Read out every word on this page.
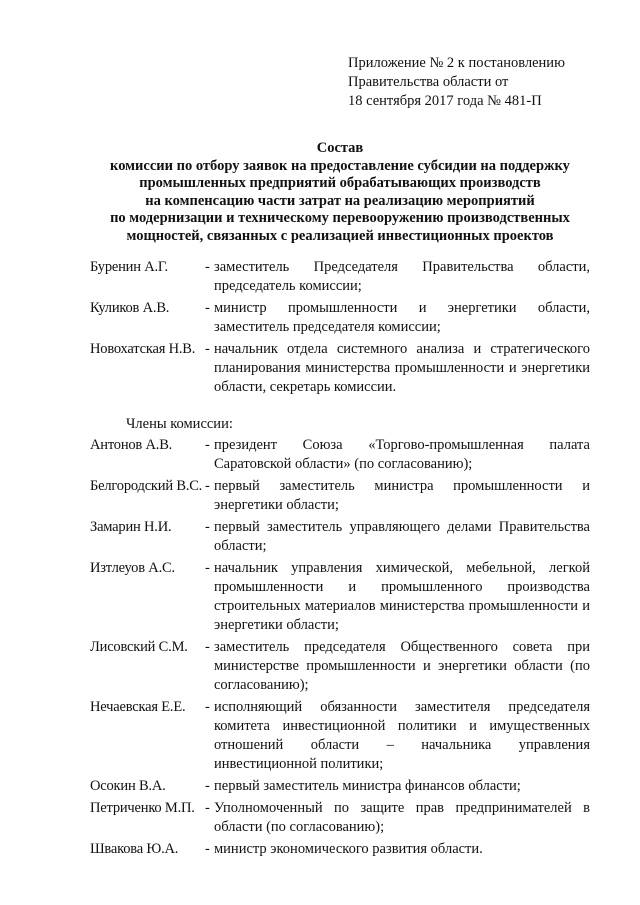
Приложение № 2 к постановлению
Правительства области от
18 сентября 2017 года № 481-П
Состав
комиссии по отбору заявок на предоставление субсидии на поддержку
промышленных предприятий обрабатывающих производств
на компенсацию части затрат на реализацию мероприятий
по модернизации и техническому перевооружению производственных
мощностей, связанных с реализацией инвестиционных проектов
Буренин А.Г.	- заместитель Председателя Правительства области, председатель комиссии;
Куликов А.В.	- министр промышленности и энергетики области, заместитель председателя комиссии;
Новохатская Н.В. - начальник отдела системного анализа и стратегического планирования министерства промышленности и энергетики области, секретарь комиссии.
Члены комиссии:
Антонов А.В.	- президент Союза «Торгово-промышленная палата Саратовской области» (по согласованию);
Белгородский В.С. - первый заместитель министра промышленности и энергетики области;
Замарин Н.И.	- первый заместитель управляющего делами Правительства области;
Изтлеуов А.С.	- начальник управления химической, мебельной, легкой промышленности и промышленного производства строительных материалов министерства промышленности и энергетики области;
Лисовский С.М.	- заместитель председателя Общественного совета при министерстве промышленности и энергетики области (по согласованию);
Нечаевская Е.Е.	- исполняющий обязанности заместителя председателя комитета инвестиционной политики и имущественных отношений области – начальника управления инвестиционной политики;
Осокин В.А.	- первый заместитель министра финансов области;
Петриченко М.П. - Уполномоченный по защите прав предпринимателей в области (по согласованию);
Швакова Ю.А.	- министр экономического развития области.
